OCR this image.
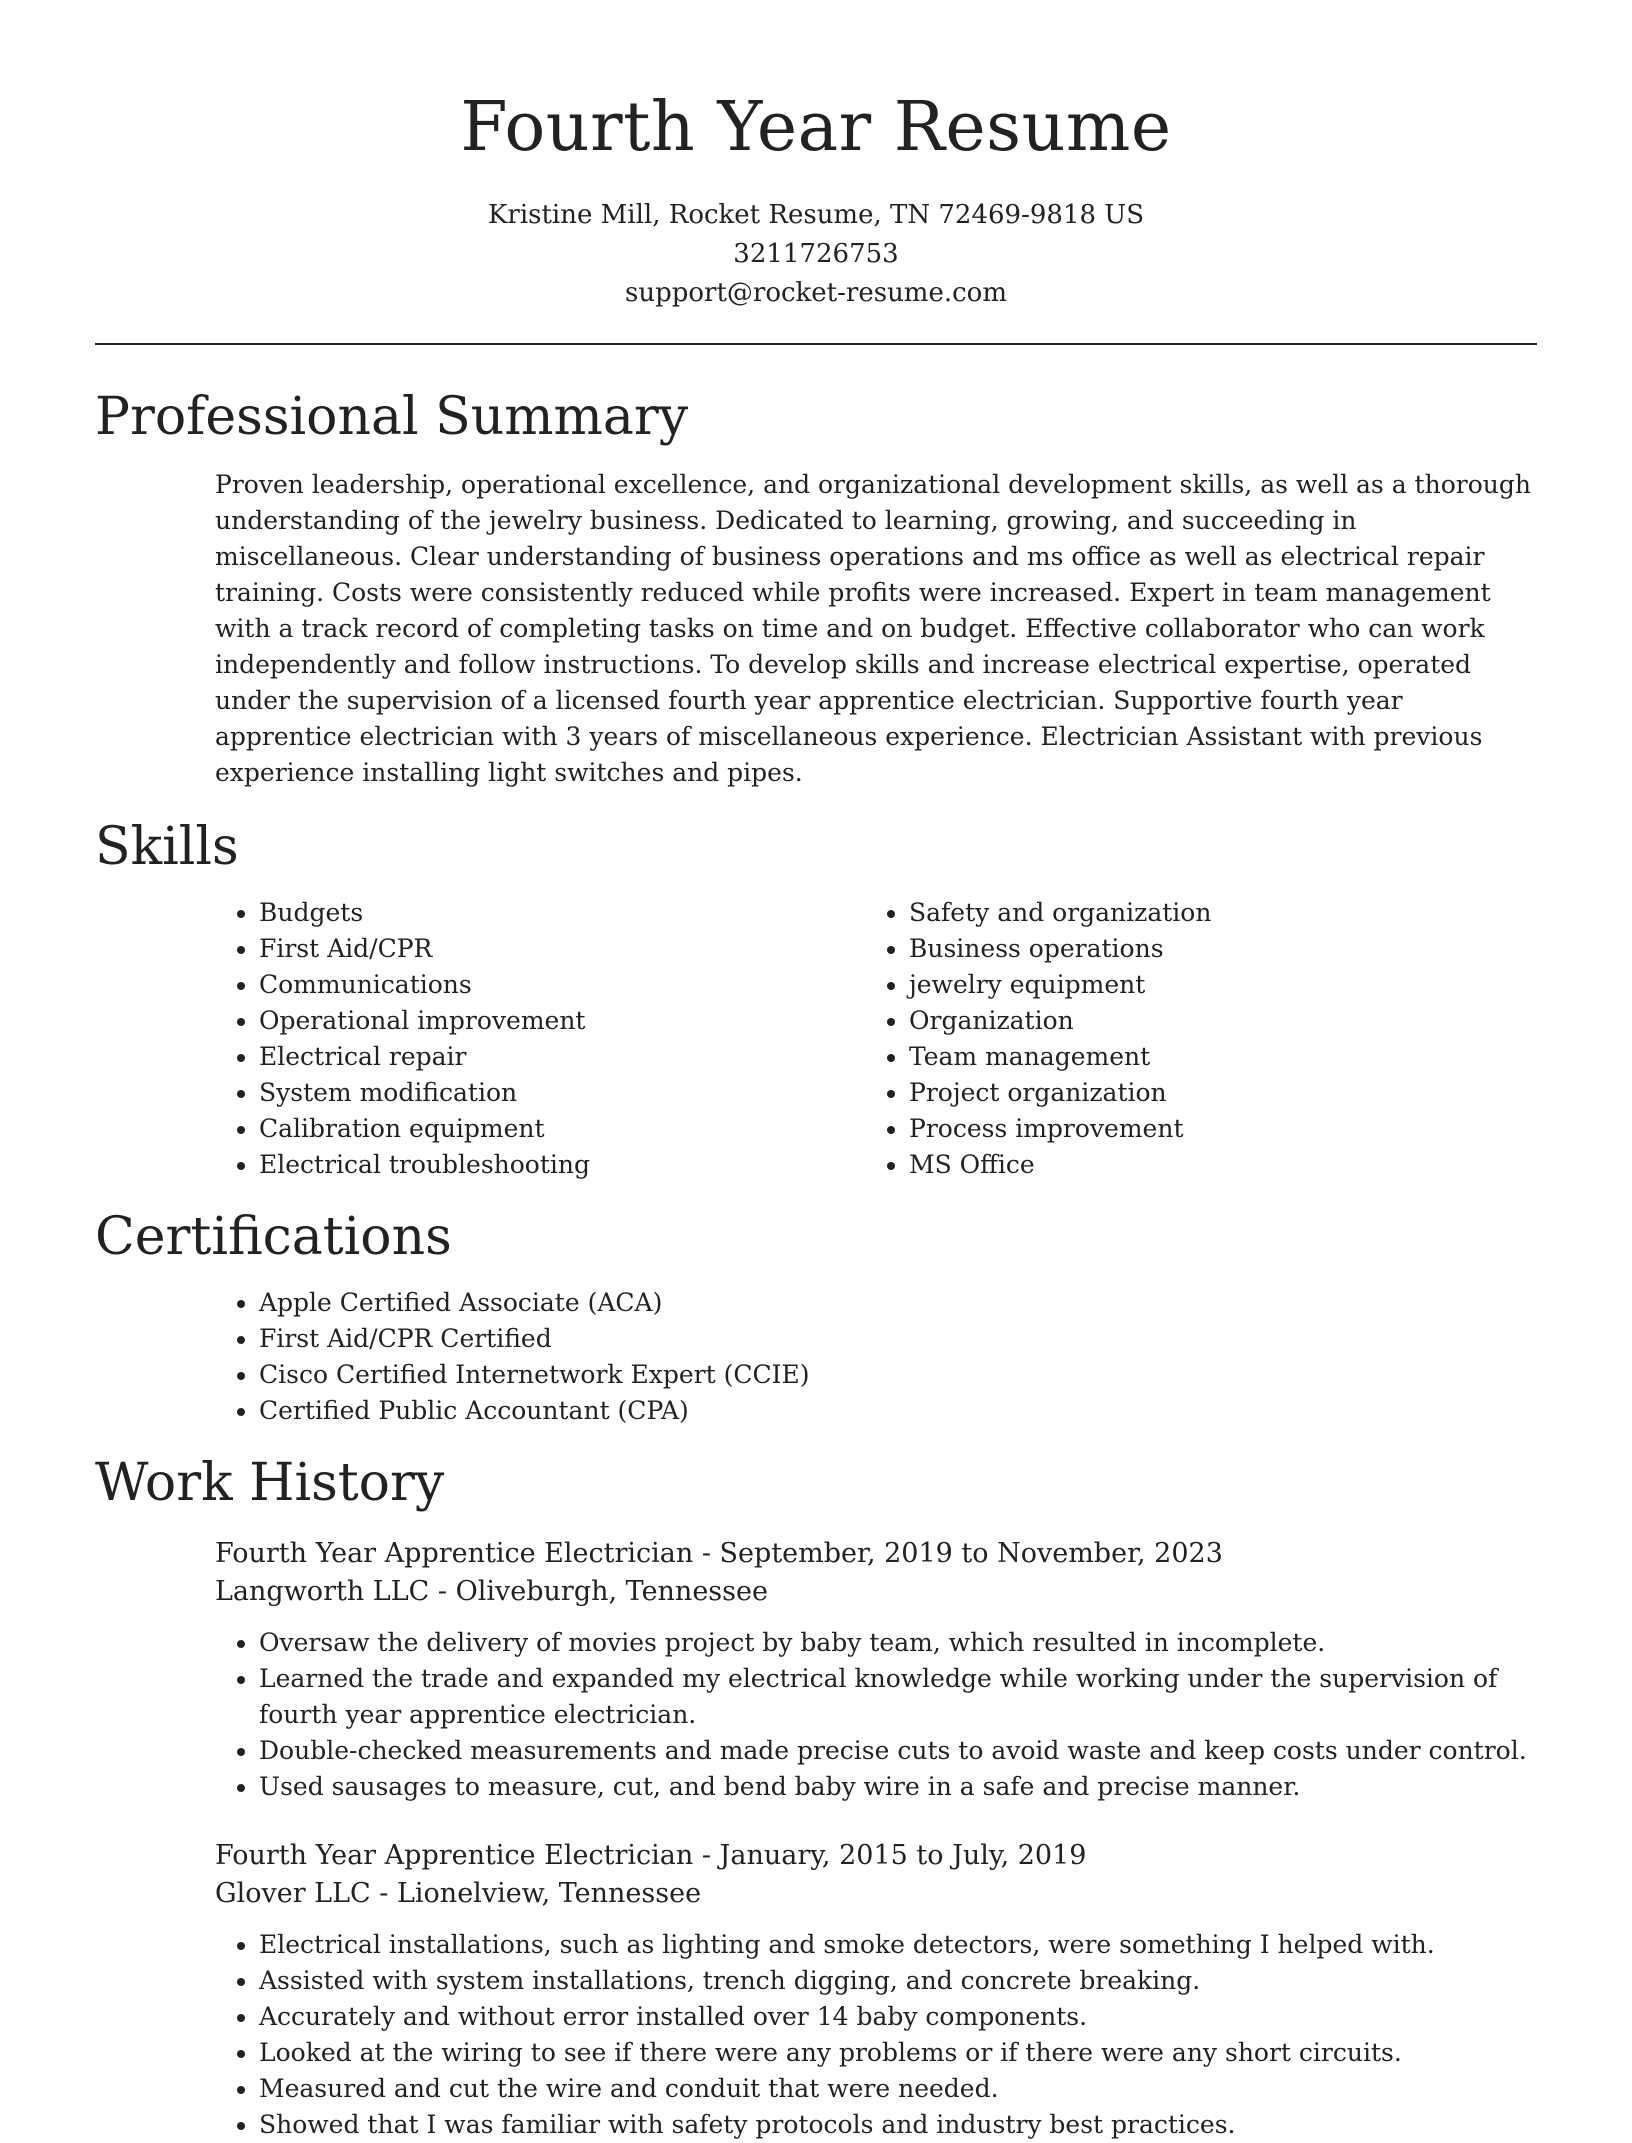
Fourth Year Resume
Kristine Mill, Rocket Resume, TN 72469-9818 US
3211726753
support@rocket-resume.com
Professional Summary

Proven leadership, operational excellence, and organizational development skills, as well as a thorough understanding of the jewelry business. Dedicated to learning, growing, and succeeding in miscellaneous. Clear understanding of business operations and ms office as well as electrical repair training. Costs were consistently reduced while profits were increased. Expert in team management with a track record of completing tasks on time and on budget. Effective collaborator who can work independently and follow instructions. To develop skills and increase electrical expertise, operated under the supervision of a licensed fourth year apprentice electrician. Supportive fourth year apprentice electrician with 3 years of miscellaneous experience. Electrician Assistant with previous experience installing light switches and pipes.

Skills
• Budgets
• First Aid/CPR
• Communications
• Operational improvement
• Electrical repair
• System modification
• Calibration equipment
• Electrical troubleshooting
• Safety and organization
• Business operations
• jewelry equipment
• Organization
• Team management
• Project organization
• Process improvement
• MS Office
Certifications
• Apple Certified Associate (ACA)
• First Aid/CPR Certified
• Cisco Certified Internetwork Expert (CCIE)
• Certified Public Accountant (CPA)
Work History
Fourth Year Apprentice Electrician - September, 2019 to November, 2023
Langworth LLC - Oliveburgh, Tennessee
• Oversaw the delivery of movies project by baby team, which resulted in incomplete.
• Learned the trade and expanded my electrical knowledge while working under the supervision of fourth year apprentice electrician.
• Double-checked measurements and made precise cuts to avoid waste and keep costs under control.
• Used sausages to measure, cut, and bend baby wire in a safe and precise manner.
Fourth Year Apprentice Electrician - January, 2015 to July, 2019
Glover LLC - Lionelview, Tennessee
• Electrical installations, such as lighting and smoke detectors, were something I helped with.
• Assisted with system installations, trench digging, and concrete breaking.
• Accurately and without error installed over 14 baby components.
• Looked at the wiring to see if there were any problems or if there were any short circuits.
• Measured and cut the wire and conduit that were needed.
• Showed that I was familiar with safety protocols and industry best practices.
